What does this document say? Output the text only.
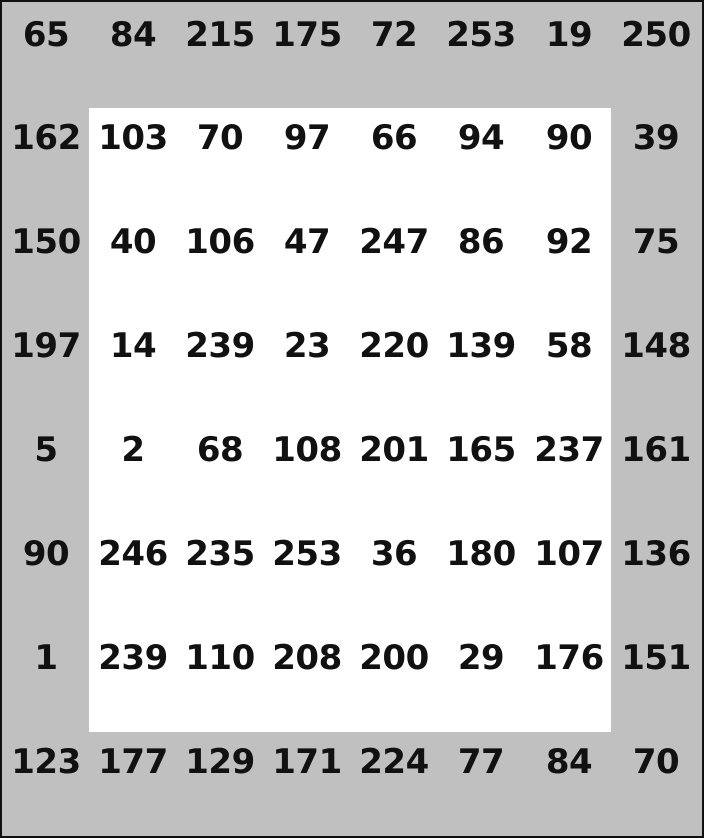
65	84 215 175 72 253 19 250
162 103 70	97	66	94	90	39
150 40 106 47 247 86	92	75
197 14 239 23 220 139 58 148
5	2	68 108 201 165 237 161
90 246 235 253 36 180 107 136
1	239 110 208 200 29 176 151
123 177 129 171 224 77	84	70
